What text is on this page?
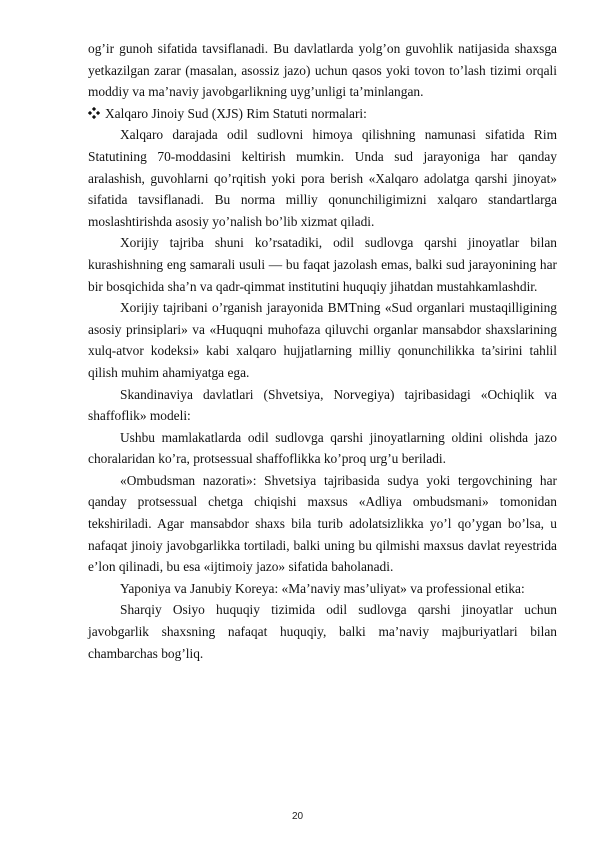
og’ir gunoh sifatida tavsiflanadi. Bu davlatlarda yolg’on guvohlik natijasida shaxsga yetkazilgan zarar (masalan, asossiz jazo) uchun qasos yoki tovon to’lash tizimi orqali moddiy va ma’naviy javobgarlikning uyg’unligi ta’minlangan.

Xalqaro Jinoiy Sud (XJS) Rim Statuti normalari:

Xalqaro darajada odil sudlovni himoya qilishning namunasi sifatida Rim Statutining 70-moddasini keltirish mumkin. Unda sud jarayoniga har qanday aralashish, guvohlarni qo’rqitish yoki pora berish «Xalqaro adolatga qarshi jinoyat» sifatida tavsiflanadi. Bu norma milliy qonunchiligimizni xalqaro standartlarga moslashtirishda asosiy yo’nalish bo’lib xizmat qiladi.

Xorijiy tajriba shuni ko’rsatadiki, odil sudlovga qarshi jinoyatlar bilan kurashishning eng samarali usuli — bu faqat jazolash emas, balki sud jarayonining har bir bosqichida sha’n va qadr-qimmat institutini huquqiy jihatdan mustahkamlashdir.

Xorijiy tajribani o’rganish jarayonida BMTning «Sud organlari mustaqilligining asosiy prinsiplari» va «Huquqni muhofaza qiluvchi organlar mansabdor shaxslarining xulq-atvor kodeksi» kabi xalqaro hujjatlarning milliy qonunchilikka ta’sirini tahlil qilish muhim ahamiyatga ega.

Skandinaviya davlatlari (Shvetsiya, Norvegiya) tajribasidagi «Ochiqlik va shaffoflik» modeli:

Ushbu mamlakatlarda odil sudlovga qarshi jinoyatlarning oldini olishda jazo choralaridan ko’ra, protsessual shaffoflikka ko’proq urg’u beriladi.

«Ombudsman nazorati»: Shvetsiya tajribasida sudya yoki tergovchining har qanday protsessual chetga chiqishi maxsus «Adliya ombudsmani» tomonidan tekshiriladi. Agar mansabdor shaxs bila turib adolatsizlikka yo’l qo’ygan bo’lsa, u nafaqat jinoiy javobgarlikka tortiladi, balki uning bu qilmishi maxsus davlat reyestrida e’lon qilinadi, bu esa «ijtimoiy jazo» sifatida baholanadi.

Yaponiya va Janubiy Koreya: «Ma’naviy mas’uliyat» va professional etika:

Sharqiy Osiyo huquqiy tizimida odil sudlovga qarshi jinoyatlar uchun javobgarlik shaxsning nafaqat huquqiy, balki ma’naviy majburiyatlari bilan chambarchas bog’liq.

20
